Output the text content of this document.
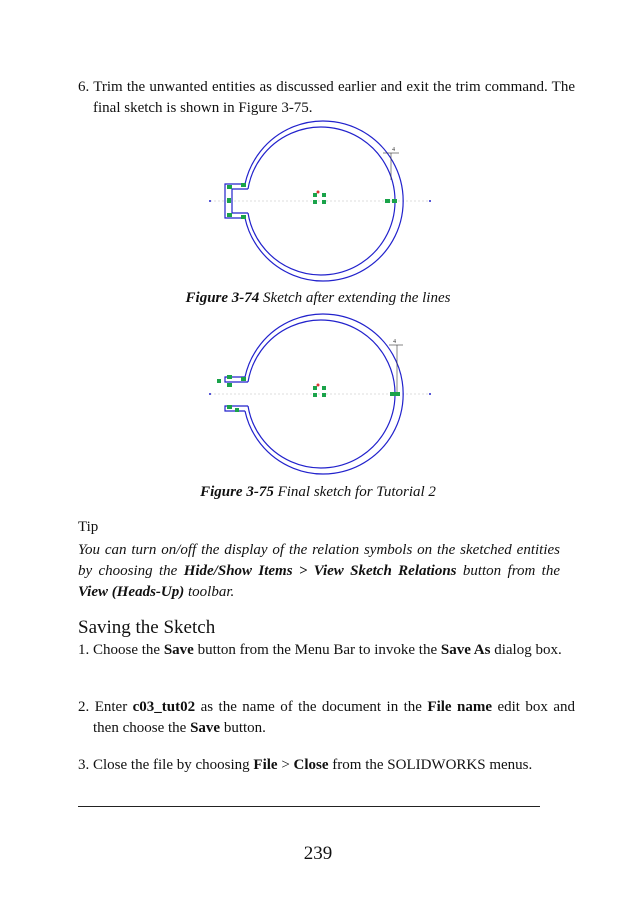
6. Trim the unwanted entities as discussed earlier and exit the trim command. The final sketch is shown in Figure 3-75.
4
Figure 3-74 Sketch after extending the lines
4
Figure 3-75 Final sketch for Tutorial 2
Tip
You can turn on/off the display of the relation symbols on the sketched entities by choosing the Hide/Show Items > View Sketch Relations button from the View (Heads-Up) toolbar.
Saving the Sketch
1. Choose the Save button from the Menu Bar to invoke the Save As dialog box.
2. Enter c03_tut02 as the name of the document in the File name edit box and then choose the Save button.
3. Close the file by choosing File > Close from the SOLIDWORKS menus.
239
